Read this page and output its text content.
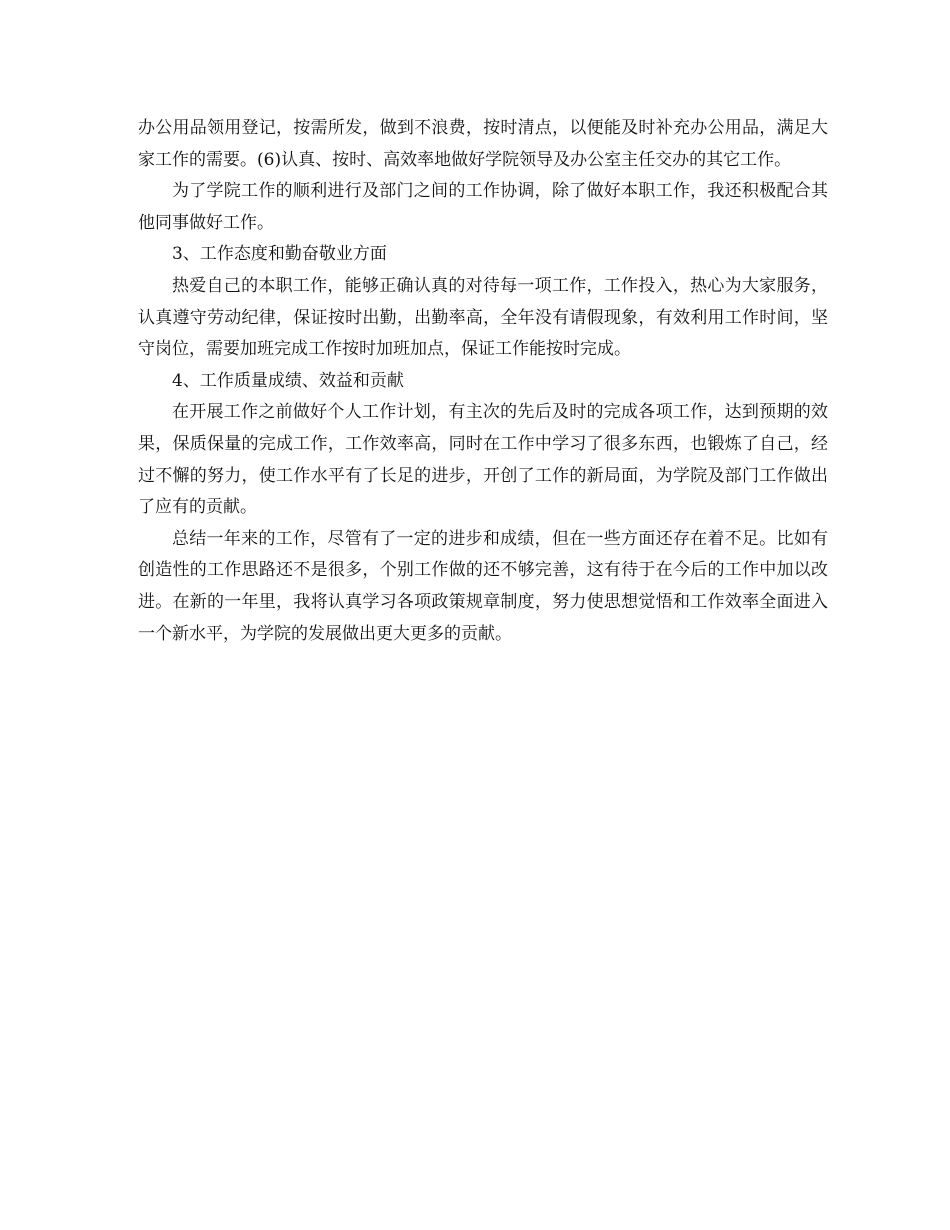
办公用品领用登记，按需所发，做到不浪费，按时清点，以便能及时补充办公用品，满足大家工作的需要。(6)认真、按时、高效率地做好学院领导及办公室主任交办的其它工作。

为了学院工作的顺利进行及部门之间的工作协调，除了做好本职工作，我还积极配合其他同事做好工作。

3、工作态度和勤奋敬业方面

热爱自己的本职工作，能够正确认真的对待每一项工作，工作投入，热心为大家服务，认真遵守劳动纪律，保证按时出勤，出勤率高，全年没有请假现象，有效利用工作时间，坚守岗位，需要加班完成工作按时加班加点，保证工作能按时完成。

4、工作质量成绩、效益和贡献

在开展工作之前做好个人工作计划，有主次的先后及时的完成各项工作，达到预期的效果，保质保量的完成工作，工作效率高，同时在工作中学习了很多东西，也锻炼了自己，经过不懈的努力，使工作水平有了长足的进步，开创了工作的新局面，为学院及部门工作做出了应有的贡献。

总结一年来的工作，尽管有了一定的进步和成绩，但在一些方面还存在着不足。比如有创造性的工作思路还不是很多，个别工作做的还不够完善，这有待于在今后的工作中加以改进。在新的一年里，我将认真学习各项政策规章制度，努力使思想觉悟和工作效率全面进入一个新水平，为学院的发展做出更大更多的贡献。
